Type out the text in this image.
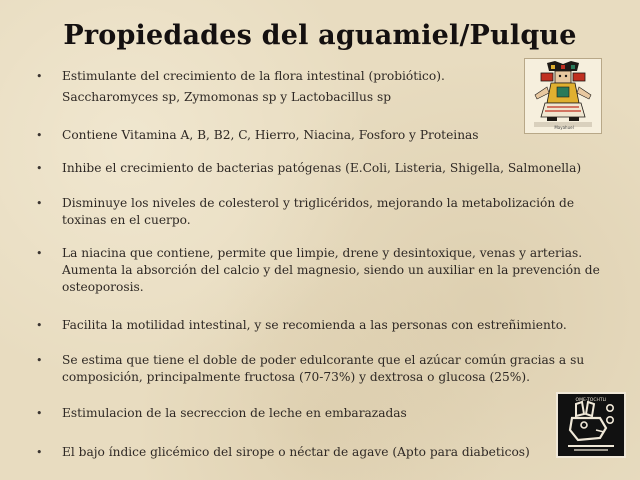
Propiedades del aguamiel/Pulque
• Estimulante del crecimiento de la flora intestinal (probiótico).
Saccharomyces sp, Zymomonas sp y Lactobacillus sp
• Contiene Vitamina A, B, B2, C, Hierro, Niacina, Fosforo y Proteinas
• Inhibe el crecimiento de bacterias patógenas (E.Coli, Listeria, Shigella, Salmonella)
• Disminuye los niveles de colesterol y triglicéridos, mejorando la metabolización de
toxinas en el cuerpo.
• La niacina que contiene, permite que limpie, drene y desintoxique, venas y arterias.
Aumenta la absorción del calcio y del magnesio, siendo un auxiliar en la prevención de
osteoporosis.
• Facilita la motilidad intestinal, y se recomienda a las personas con estreñimiento.
• Se estima que tiene el doble de poder edulcorante que el azúcar común gracias a su
composición, principalmente fructosa (70-73%) y dextrosa o glucosa (25%).
• Estimulacion de la secreccion de leche en embarazadas
• El bajo índice glicémico del sirope o néctar de agave (Apto para diabeticos)
Mayahuel
OME-TOCHTLI
